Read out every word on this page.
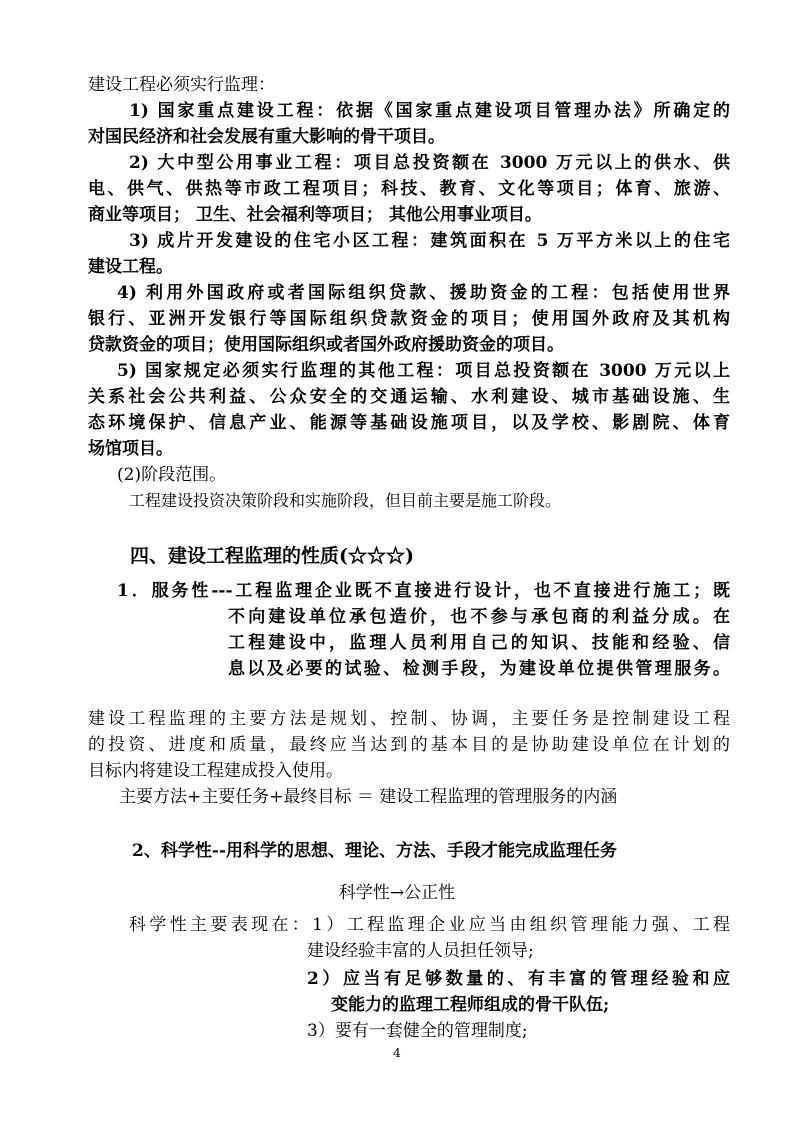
建设工程必须实行监理：
1) 国家重点建设工程：依据《国家重点建设项目管理办法》所确定的
对国民经济和社会发展有重大影响的骨干项目。
2) 大中型公用事业工程：项目总投资额在 3000 万元以上的供水、供
电、供气、供热等市政工程项目；科技、教育、文化等项目；体育、旅游、
商业等项目； 卫生、社会福利等项目； 其他公用事业项目。
3) 成片开发建设的住宅小区工程：建筑面积在 5 万平方米以上的住宅
建设工程。
4) 利用外国政府或者国际组织贷款、援助资金的工程：包括使用世界
银行、亚洲开发银行等国际组织贷款资金的项目；使用国外政府及其机构
贷款资金的项目；使用国际组织或者国外政府援助资金的项目。
5) 国家规定必须实行监理的其他工程：项目总投资额在 3000 万元以上
关系社会公共利益、公众安全的交通运输、水利建设、城市基础设施、生
态环境保护、信息产业、能源等基础设施项目，以及学校、影剧院、体育
场馆项目。
(2)阶段范围。
工程建设投资决策阶段和实施阶段，但目前主要是施工阶段。
四、建设工程监理的性质(☆☆☆)
1．服务性---工程监理企业既不直接进行设计，也不直接进行施工；既
不向建设单位承包造价，也不参与承包商的利益分成。在
工程建设中，监理人员利用自己的知识、技能和经验、信
息以及必要的试验、检测手段，为建设单位提供管理服务。
建设工程监理的主要方法是规划、控制、协调，主要任务是控制建设工程
的投资、进度和质量，最终应当达到的基本目的是协助建设单位在计划的
目标内将建设工程建成投入使用。
主要方法+主要任务+最终目标 ＝ 建设工程监理的管理服务的内涵
2、科学性--用科学的思想、理论、方法、手段才能完成监理任务
科学性→公正性
科学性主要表现在：1）工程监理企业应当由组织管理能力强、工程
建设经验丰富的人员担任领导;
2）应当有足够数量的、有丰富的管理经验和应
变能力的监理工程师组成的骨干队伍;
3）要有一套健全的管理制度;
4
